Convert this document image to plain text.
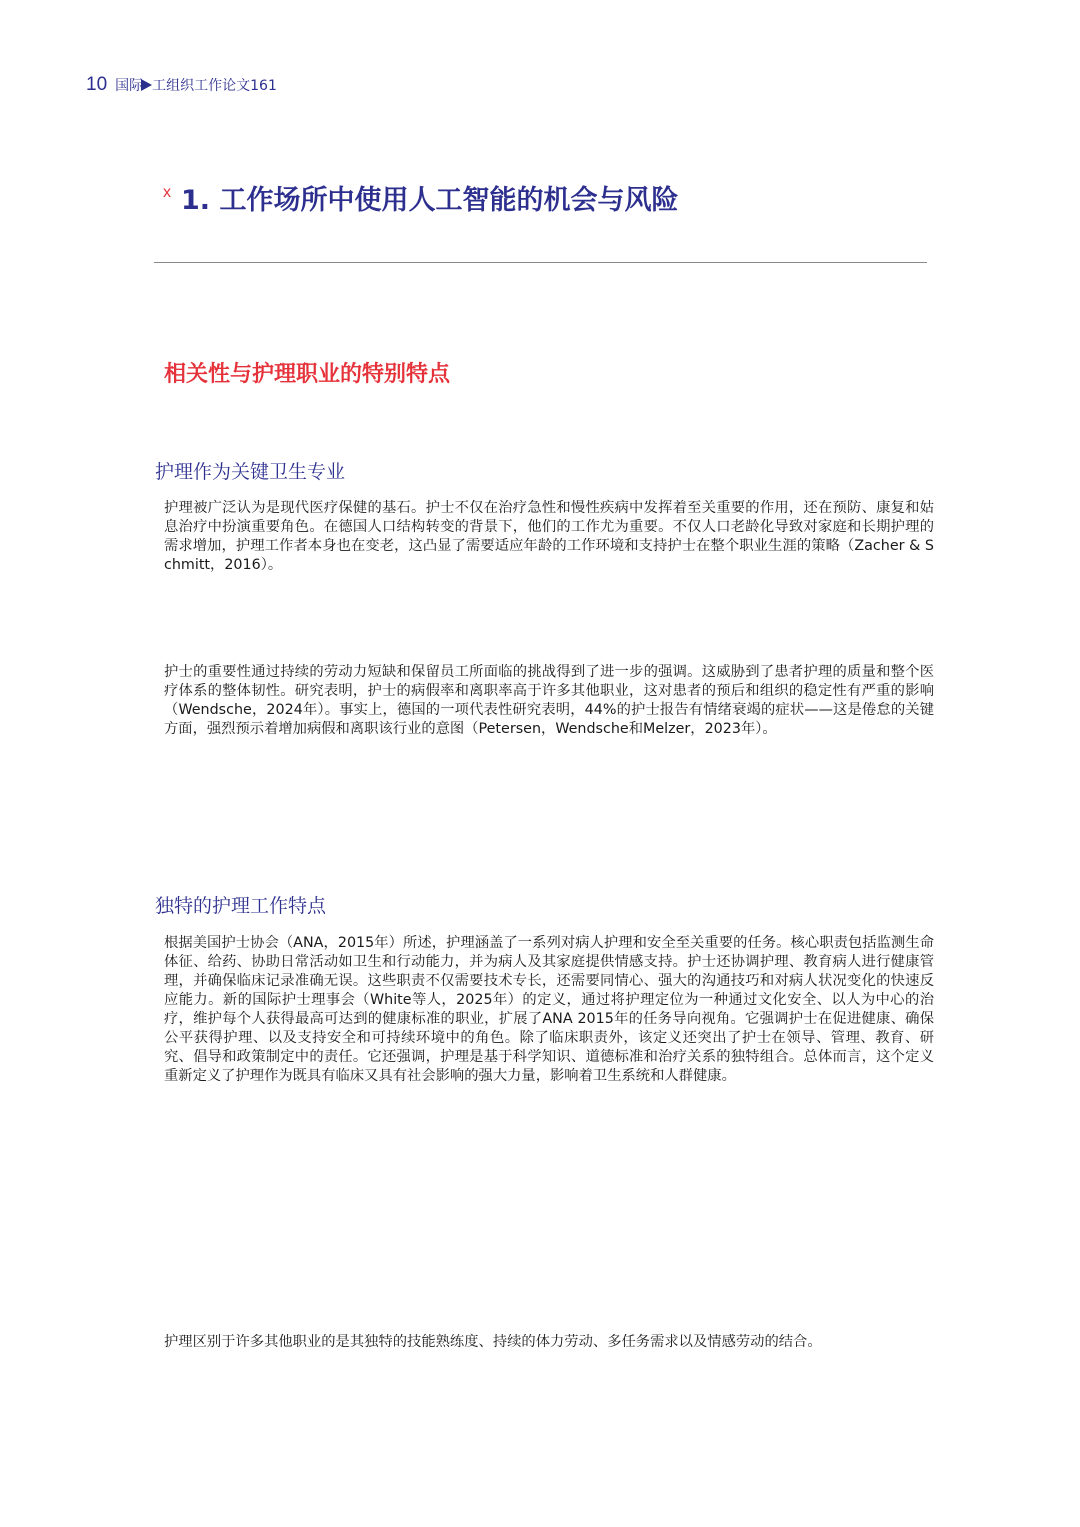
10 国际 工组织工作论文161
x 1. 工作场所中使用人工智能的机会与风险
相关性与护理职业的特别特点
护理作为关键卫生专业

护理被广泛认为是现代医疗保健的基石。护士不仅在治疗急性和慢性疾病中发挥着至关重要的作用，还在预防、康复和姑息治疗中扮演重要角色。在德国人口结构转变的背景下，他们的工作尤为重要。不仅人口老龄化导致对家庭和长期护理的需求增加，护理工作者本身也在变老，这凸显了需要适应年龄的工作环境和支持护士在整个职业生涯的策略（Zacher & Schmitt，2016）。

护士的重要性通过持续的劳动力短缺和保留员工所面临的挑战得到了进一步的强调。这威胁到了患者护理的质量和整个医疗体系的整体韧性。研究表明，护士的病假率和离职率高于许多其他职业，这对患者的预后和组织的稳定性有严重的影响（Wendsche，2024年）。事实上，德国的一项代表性研究表明，44%的护士报告有情绪衰竭的症状——这是倦怠的关键方面，强烈预示着增加病假和离职该行业的意图（Petersen，Wendsche和Melzer，2023年）。

独特的护理工作特点

根据美国护士协会（ANA，2015年）所述，护理涵盖了一系列对病人护理和安全至关重要的任务。核心职责包括监测生命体征、给药、协助日常活动如卫生和行动能力，并为病人及其家庭提供情感支持。护士还协调护理、教育病人进行健康管理，并确保临床记录准确无误。这些职责不仅需要技术专长，还需要同情心、强大的沟通技巧和对病人状况变化的快速反应能力。新的国际护士理事会（White等人，2025年）的定义，通过将护理定位为一种通过文化安全、以人为中心的治疗，维护每个人获得最高可达到的健康标准的职业，扩展了ANA 2015年的任务导向视角。它强调护士在促进健康、确保公平获得护理、以及支持安全和可持续环境中的角色。除了临床职责外，该定义还突出了护士在领导、管理、教育、研究、倡导和政策制定中的责任。它还强调，护理是基于科学知识、道德标准和治疗关系的独特组合。总体而言，这个定义重新定义了护理作为既具有临床又具有社会影响的强大力量，影响着卫生系统和人群健康。

护理区别于许多其他职业的是其独特的技能熟练度、持续的体力劳动、多任务需求以及情感劳动的结合。
